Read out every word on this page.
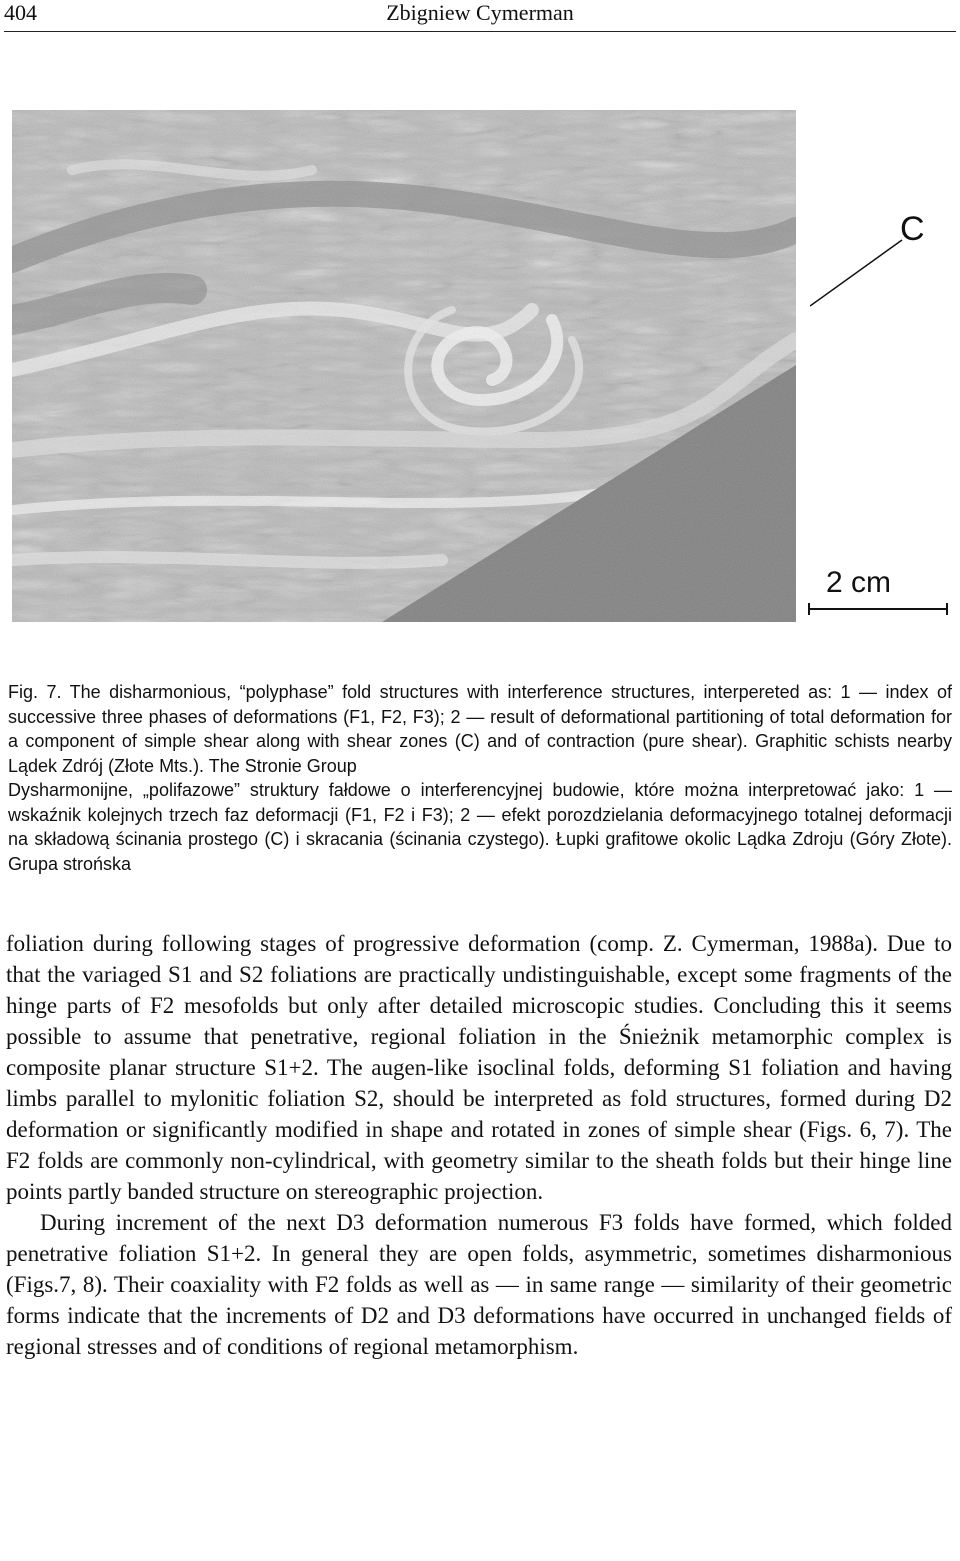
404	Zbigniew Cymerman
C
2 cm

Fig. 7. The disharmonious, “polyphase” fold structures with interference structures, interpereted as: 1 — index of successive three phases of deformations (F1, F2, F3); 2 — result of deformational partitioning of total deformation for a component of simple shear along with shear zones (C) and of contraction (pure shear). Graphitic schists nearby Lądek Zdrój (Złote Mts.). The Stronie Group

Dysharmonijne, „polifazowe” struktury fałdowe o interferencyjnej budowie, które można interpretować jako: 1 — wskaźnik kolejnych trzech faz deformacji (F1, F2 i F3); 2 — efekt porozdzielania deformacyjnego totalnej deformacji na składową ścinania prostego (C) i skracania (ścinania czystego). Łupki grafitowe okolic Lądka Zdroju (Góry Złote). Grupa strońska

foliation during following stages of progressive deformation (comp. Z. Cymerman, 1988a). Due to that the variaged S1 and S2 foliations are practically undistinguishable, except some fragments of the hinge parts of F2 mesofolds but only after detailed microscopic studies. Concluding this it seems possible to assume that penetrative, regional foliation in the Śnieżnik metamorphic complex is composite planar structure S1+2. The augen-like isoclinal folds, deforming S1 foliation and having limbs parallel to mylonitic foliation S2, should be interpreted as fold structures, formed during D2 deformation or significantly modified in shape and rotated in zones of simple shear (Figs. 6, 7). The F2 folds are commonly non-cylindrical, with geometry similar to the sheath folds but their hinge line points partly banded structure on stereographic projection.

During increment of the next D3 deformation numerous F3 folds have formed, which folded penetrative foliation S1+2. In general they are open folds, asymmetric, sometimes disharmonious (Figs.7, 8). Their coaxiality with F2 folds as well as — in same range — similarity of their geometric forms indicate that the increments of D2 and D3 deformations have occurred in unchanged fields of regional stresses and of conditions of regional metamorphism.
